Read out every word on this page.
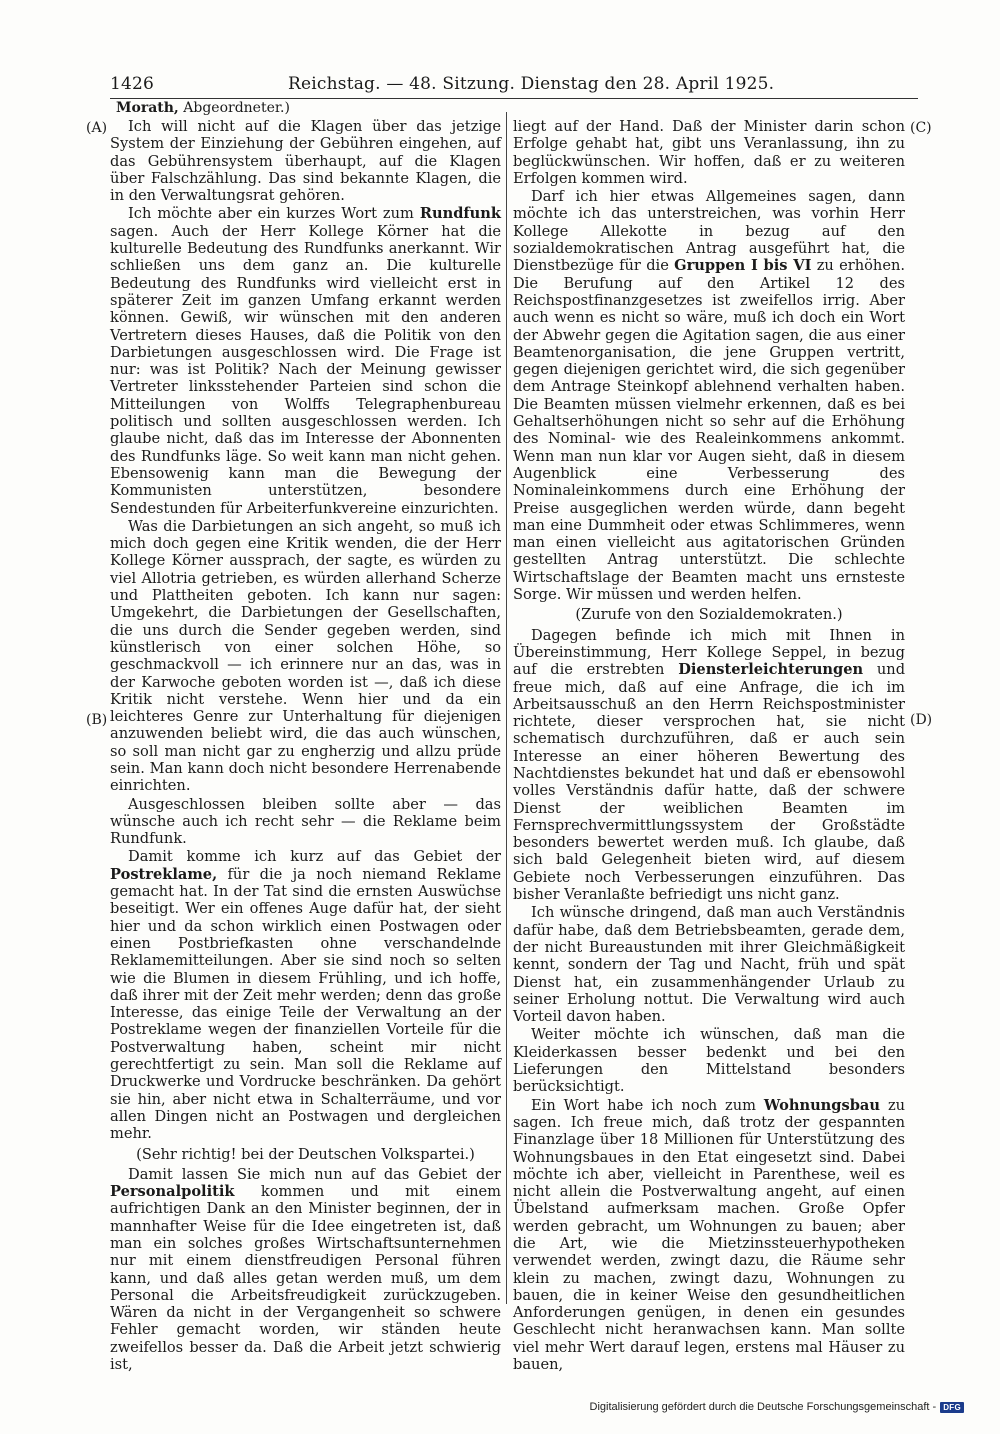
1426	Reichstag. — 48. Sitzung. Dienstag den 28. April 1925.
Morath, Abgeordneter.)
(A)
(B)
(C)
(D)

Ich will nicht auf die Klagen über das jetzige System der Einziehung der Gebühren eingehen, auf das Gebührensystem überhaupt, auf die Klagen über Falschzählung. Das sind bekannte Klagen, die in den Verwaltungsrat gehören.

Ich möchte aber ein kurzes Wort zum Rundfunk sagen. Auch der Herr Kollege Körner hat die kulturelle Bedeutung des Rundfunks anerkannt. Wir schließen uns dem ganz an. Die kulturelle Bedeutung des Rundfunks wird vielleicht erst in späterer Zeit im ganzen Umfang erkannt werden können. Gewiß, wir wünschen mit den anderen Vertretern dieses Hauses, daß die Politik von den Darbietungen ausgeschlossen wird. Die Frage ist nur: was ist Politik? Nach der Meinung gewisser Vertreter linksstehender Parteien sind schon die Mitteilungen von Wolffs Telegraphenbureau politisch und sollten ausgeschlossen werden. Ich glaube nicht, daß das im Interesse der Abonnenten des Rundfunks läge. So weit kann man nicht gehen. Ebensowenig kann man die Bewegung der Kommunisten unterstützen, besondere Sendestunden für Arbeiterfunkvereine einzurichten.

Was die Darbietungen an sich angeht, so muß ich mich doch gegen eine Kritik wenden, die der Herr Kollege Körner aussprach, der sagte, es würden zu viel Allotria getrieben, es würden allerhand Scherze und Plattheiten geboten. Ich kann nur sagen: Umgekehrt, die Darbietungen der Gesellschaften, die uns durch die Sender gegeben werden, sind künstlerisch von einer solchen Höhe, so geschmackvoll — ich erinnere nur an das, was in der Karwoche geboten worden ist —, daß ich diese Kritik nicht verstehe. Wenn hier und da ein leichteres Genre zur Unterhaltung für diejenigen anzuwenden beliebt wird, die das auch wünschen, so soll man nicht gar zu engherzig und allzu prüde sein. Man kann doch nicht besondere Herrenabende einrichten.

Ausgeschlossen bleiben sollte aber — das wünsche auch ich recht sehr — die Reklame beim Rundfunk.

Damit komme ich kurz auf das Gebiet der Postreklame, für die ja noch niemand Reklame gemacht hat. In der Tat sind die ernsten Auswüchse beseitigt. Wer ein offenes Auge dafür hat, der sieht hier und da schon wirklich einen Postwagen oder einen Postbriefkasten ohne verschandelnde Reklamemitteilungen. Aber sie sind noch so selten wie die Blumen in diesem Frühling, und ich hoffe, daß ihrer mit der Zeit mehr werden; denn das große Interesse, das einige Teile der Verwaltung an der Postreklame wegen der finanziellen Vorteile für die Postverwaltung haben, scheint mir nicht gerechtfertigt zu sein. Man soll die Reklame auf Druckwerke und Vordrucke beschränken. Da gehört sie hin, aber nicht etwa in Schalterräume, und vor allen Dingen nicht an Postwagen und dergleichen mehr.

(Sehr richtig! bei der Deutschen Volkspartei.)

Damit lassen Sie mich nun auf das Gebiet der Personalpolitik kommen und mit einem aufrichtigen Dank an den Minister beginnen, der in mannhafter Weise für die Idee eingetreten ist, daß man ein solches großes Wirtschaftsunternehmen nur mit einem dienstfreudigen Personal führen kann, und daß alles getan werden muß, um dem Personal die Arbeitsfreudigkeit zurückzugeben. Wären da nicht in der Vergangenheit so schwere Fehler gemacht worden, wir ständen heute zweifellos besser da. Daß die Arbeit jetzt schwierig ist,

liegt auf der Hand. Daß der Minister darin schon Erfolge gehabt hat, gibt uns Veranlassung, ihn zu beglückwünschen. Wir hoffen, daß er zu weiteren Erfolgen kommen wird.

Darf ich hier etwas Allgemeines sagen, dann möchte ich das unterstreichen, was vorhin Herr Kollege Allekotte in bezug auf den sozialdemokratischen Antrag ausgeführt hat, die Dienstbezüge für die Gruppen I bis VI zu erhöhen. Die Berufung auf den Artikel 12 des Reichspostfinanzgesetzes ist zweifellos irrig. Aber auch wenn es nicht so wäre, muß ich doch ein Wort der Abwehr gegen die Agitation sagen, die aus einer Beamtenorganisation, die jene Gruppen vertritt, gegen diejenigen gerichtet wird, die sich gegenüber dem Antrage Steinkopf ablehnend verhalten haben. Die Beamten müssen vielmehr erkennen, daß es bei Gehaltserhöhungen nicht so sehr auf die Erhöhung des Nominal- wie des Realeinkommens ankommt. Wenn man nun klar vor Augen sieht, daß in diesem Augenblick eine Verbesserung des Nominaleinkommens durch eine Erhöhung der Preise ausgeglichen werden würde, dann begeht man eine Dummheit oder etwas Schlimmeres, wenn man einen vielleicht aus agitatorischen Gründen gestellten Antrag unterstützt. Die schlechte Wirtschaftslage der Beamten macht uns ernsteste Sorge. Wir müssen und werden helfen.

(Zurufe von den Sozialdemokraten.)

Dagegen befinde ich mich mit Ihnen in Übereinstimmung, Herr Kollege Seppel, in bezug auf die erstrebten Diensterleichterungen und freue mich, daß auf eine Anfrage, die ich im Arbeitsausschuß an den Herrn Reichspostminister richtete, dieser versprochen hat, sie nicht schematisch durchzuführen, daß er auch sein Interesse an einer höheren Bewertung des Nachtdienstes bekundet hat und daß er ebensowohl volles Verständnis dafür hatte, daß der schwere Dienst der weiblichen Beamten im Fernsprechvermittlungssystem der Großstädte besonders bewertet werden muß. Ich glaube, daß sich bald Gelegenheit bieten wird, auf diesem Gebiete noch Verbesserungen einzuführen. Das bisher Veranlaßte befriedigt uns nicht ganz.

Ich wünsche dringend, daß man auch Verständnis dafür habe, daß dem Betriebsbeamten, gerade dem, der nicht Bureaustunden mit ihrer Gleichmäßigkeit kennt, sondern der Tag und Nacht, früh und spät Dienst hat, ein zusammenhängender Urlaub zu seiner Erholung nottut. Die Verwaltung wird auch Vorteil davon haben.

Weiter möchte ich wünschen, daß man die Kleiderkassen besser bedenkt und bei den Lieferungen den Mittelstand besonders berücksichtigt.

Ein Wort habe ich noch zum Wohnungsbau zu sagen. Ich freue mich, daß trotz der gespannten Finanzlage über 18 Millionen für Unterstützung des Wohnungsbaues in den Etat eingesetzt sind. Dabei möchte ich aber, vielleicht in Parenthese, weil es nicht allein die Postverwaltung angeht, auf einen Übelstand aufmerksam machen. Große Opfer werden gebracht, um Wohnungen zu bauen; aber die Art, wie die Mietzinssteuerhypotheken verwendet werden, zwingt dazu, die Räume sehr klein zu machen, zwingt dazu, Wohnungen zu bauen, die in keiner Weise den gesundheitlichen Anforderungen genügen, in denen ein gesundes Geschlecht nicht heranwachsen kann. Man sollte viel mehr Wert darauf legen, erstens mal Häuser zu bauen,

Digitalisierung gefördert durch die Deutsche Forschungsgemeinschaft - DFG
